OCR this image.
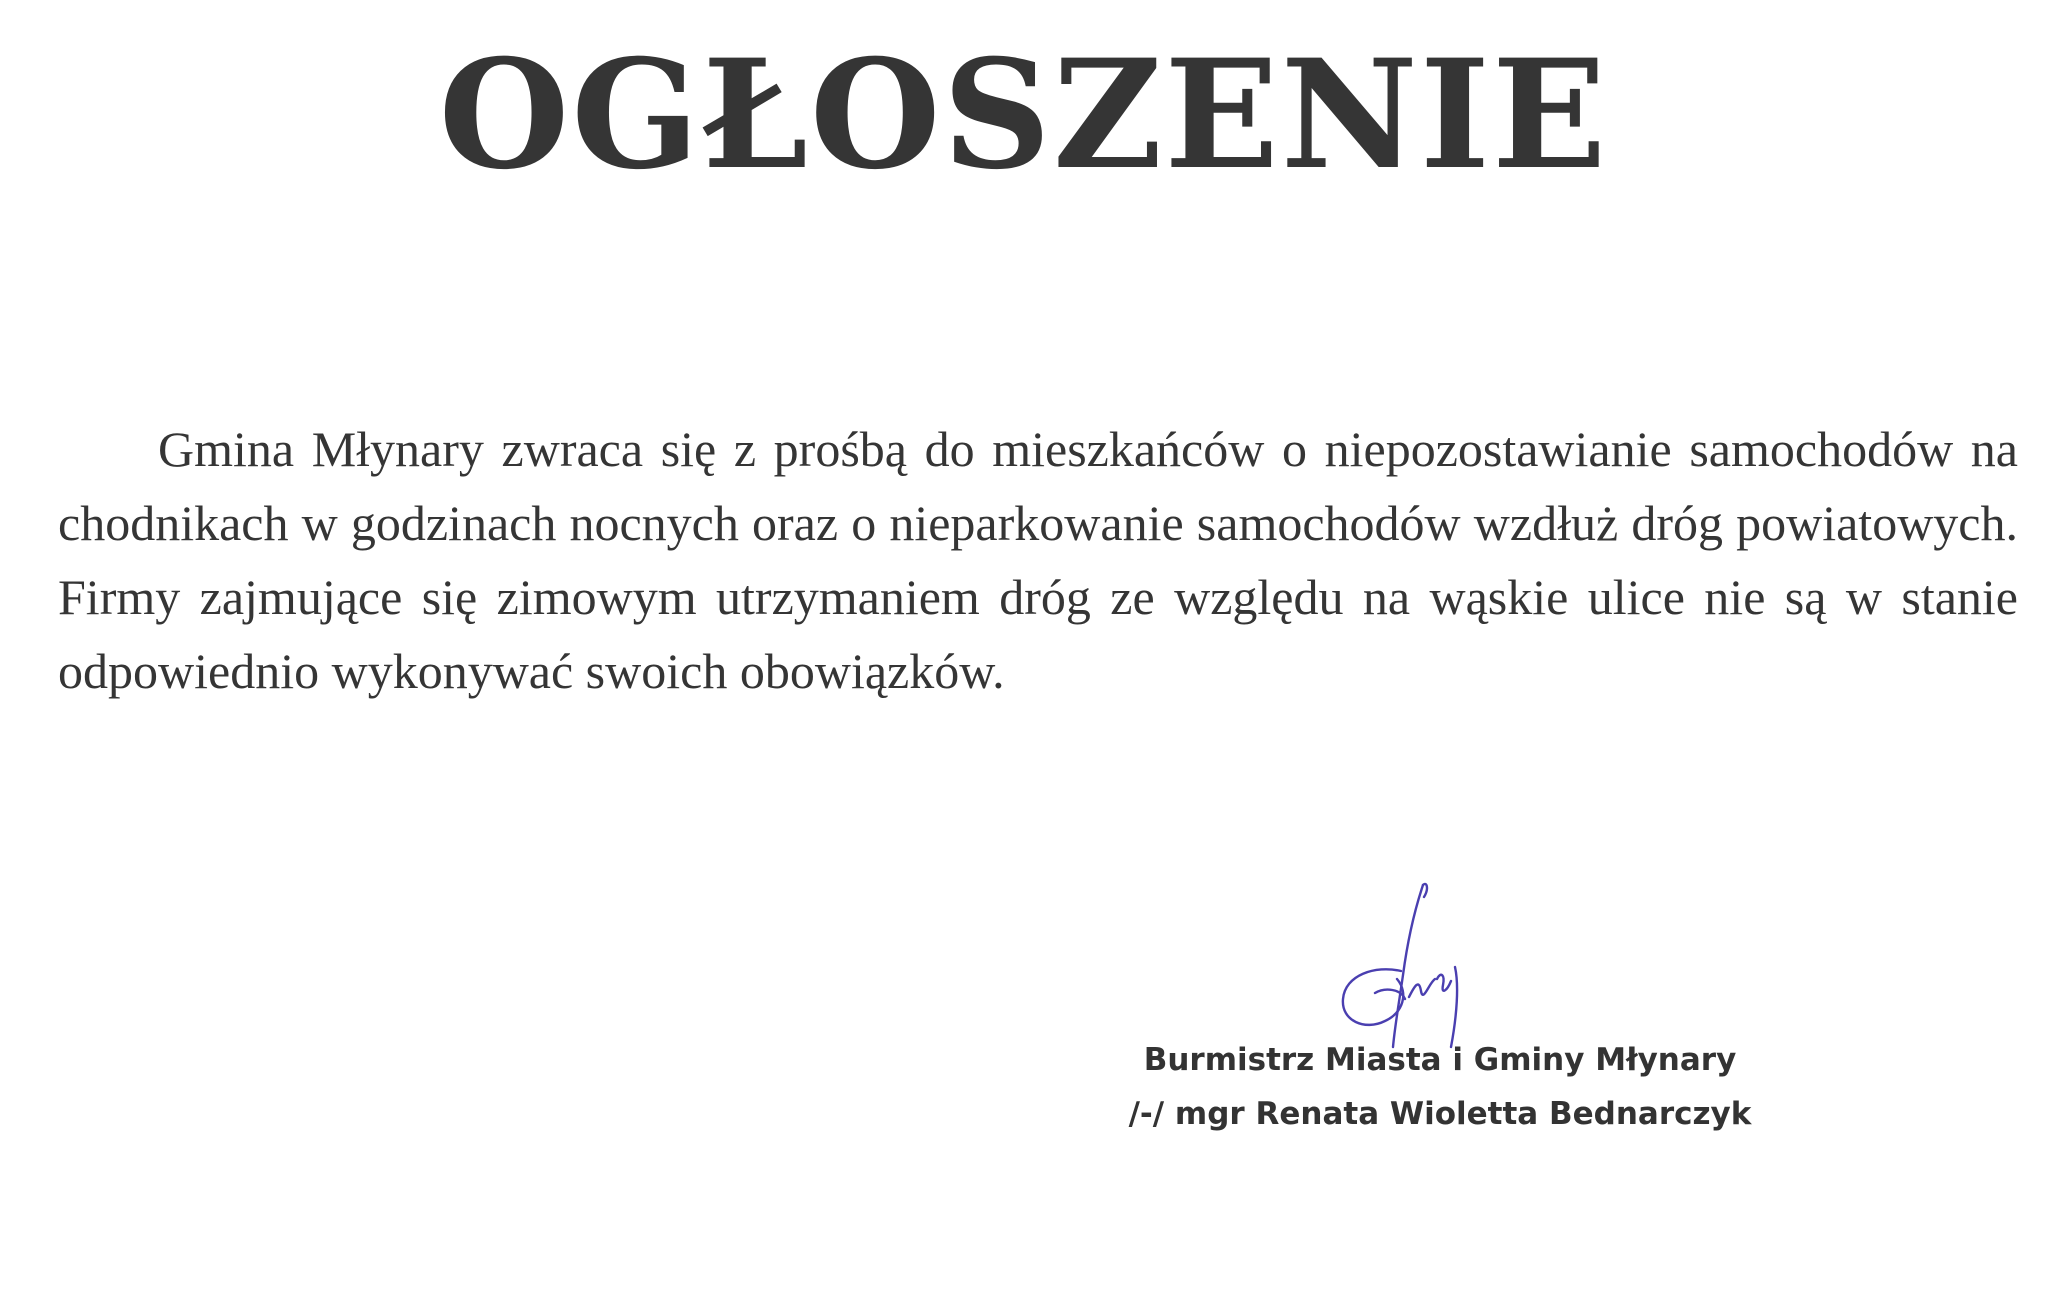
OGŁOSZENIE

Gmina Młynary zwraca się z prośbą do mieszkańców o niepozostawianie samochodów na chodnikach w godzinach nocnych oraz o nieparkowanie samochodów wzdłuż dróg powiatowych. Firmy zajmujące się zimowym utrzymaniem dróg ze względu na wąskie ulice nie są w stanie odpowiednio wykonywać swoich obowiązków.

Burmistrz Miasta i Gminy Młynary
/-/ mgr Renata Wioletta Bednarczyk
